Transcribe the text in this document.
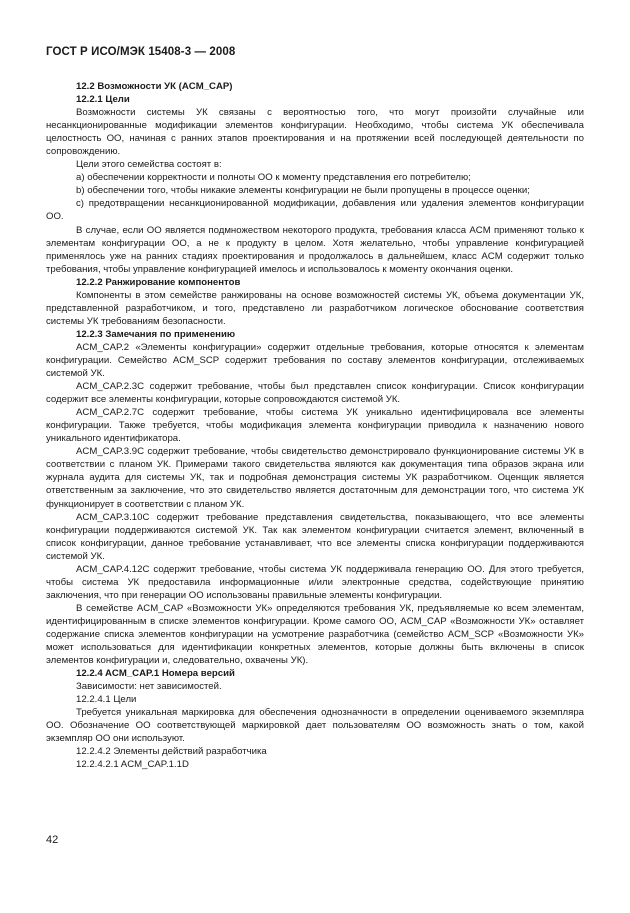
ГОСТ Р ИСО/МЭК 15408-3 — 2008

12.2 Возможности УК (ACM_CAP)

12.2.1 Цели

Возможности системы УК связаны с вероятностью того, что могут произойти случайные или несанкционированные модификации элементов конфигурации. Необходимо, чтобы система УК обеспечивала целостность ОО, начиная с ранних этапов проектирования и на протяжении всей последующей деятельности по сопровождению.

Цели этого семейства состоят в:

a) обеспечении корректности и полноты ОО к моменту представления его потребителю;

b) обеспечении того, чтобы никакие элементы конфигурации не были пропущены в процессе оценки;

c) предотвращении несанкционированной модификации, добавления или удаления элементов конфигурации ОО.

В случае, если ОО является подмножеством некоторого продукта, требования класса ACM применяют только к элементам конфигурации ОО, а не к продукту в целом. Хотя желательно, чтобы управление конфигурацией применялось уже на ранних стадиях проектирования и продолжалось в дальнейшем, класс ACM содержит только требования, чтобы управление конфигурацией имелось и использовалось к моменту окончания оценки.

12.2.2 Ранжирование компонентов

Компоненты в этом семействе ранжированы на основе возможностей системы УК, объема документации УК, представленной разработчиком, и того, представлено ли разработчиком логическое обоснование соответствия системы УК требованиям безопасности.

12.2.3 Замечания по применению

ACM_CAP.2 «Элементы конфигурации» содержит отдельные требования, которые относятся к элементам конфигурации. Семейство ACM_SCP содержит требования по составу элементов конфигурации, отслеживаемых системой УК.

ACM_CAP.2.3C содержит требование, чтобы был представлен список конфигурации. Список конфигурации содержит все элементы конфигурации, которые сопровождаются системой УК.

ACM_CAP.2.7C содержит требование, чтобы система УК уникально идентифицировала все элементы конфигурации. Также требуется, чтобы модификация элемента конфигурации приводила к назначению нового уникального идентификатора.

ACM_CAP.3.9C содержит требование, чтобы свидетельство демонстрировало функционирование системы УК в соответствии с планом УК. Примерами такого свидетельства являются как документация типа образов экрана или журнала аудита для системы УК, так и подробная демонстрация системы УК разработчиком. Оценщик является ответственным за заключение, что это свидетельство является достаточным для демонстрации того, что система УК функционирует в соответствии с планом УК.

ACM_CAP.3.10C содержит требование представления свидетельства, показывающего, что все элементы конфигурации поддерживаются системой УК. Так как элементом конфигурации считается элемент, включенный в список конфигурации, данное требование устанавливает, что все элементы списка конфигурации поддерживаются системой УК.

ACM_CAP.4.12C содержит требование, чтобы система УК поддерживала генерацию ОО. Для этого требуется, чтобы система УК предоставила информационные и/или электронные средства, содействующие принятию заключения, что при генерации ОО использованы правильные элементы конфигурации.

В семействе ACM_CAP «Возможности УК» определяются требования УК, предъявляемые ко всем элементам, идентифицированным в списке элементов конфигурации. Кроме самого ОО, ACM_CAP «Возможности УК» оставляет содержание списка элементов конфигурации на усмотрение разработчика (семейство ACM_SCP «Возможности УК» может использоваться для идентификации конкретных элементов, которые должны быть включены в список элементов конфигурации и, следовательно, охвачены УК).

12.2.4 ACM_CAP.1 Номера версий

Зависимости: нет зависимостей.

12.2.4.1 Цели

Требуется уникальная маркировка для обеспечения однозначности в определении оцениваемого экземпляра ОО. Обозначение ОО соответствующей маркировкой дает пользователям ОО возможность знать о том, какой экземпляр ОО они используют.

12.2.4.2 Элементы действий разработчика

12.2.4.2.1 ACM_CAP.1.1D

42
